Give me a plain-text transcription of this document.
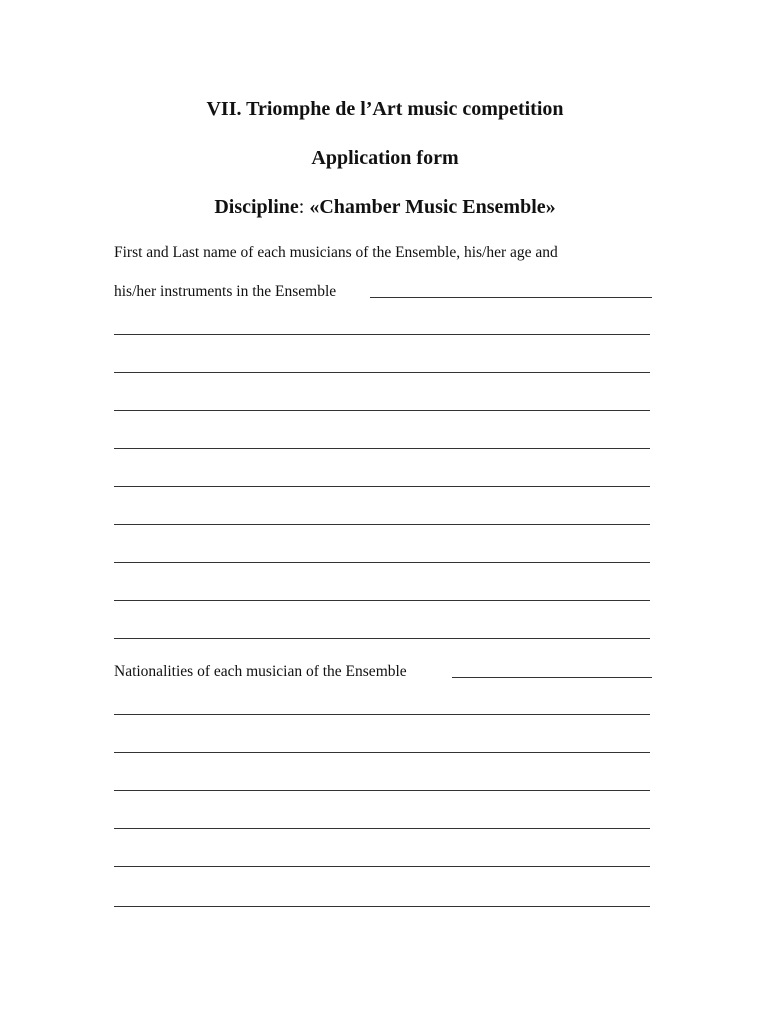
VII. Triomphe de l’Art music competition
Application form
Discipline: «Chamber Music Ensemble»

First and Last name of each musicians of the Ensemble, his/her age and

his/her instruments in the Ensemble

Nationalities of each musician of the Ensemble
